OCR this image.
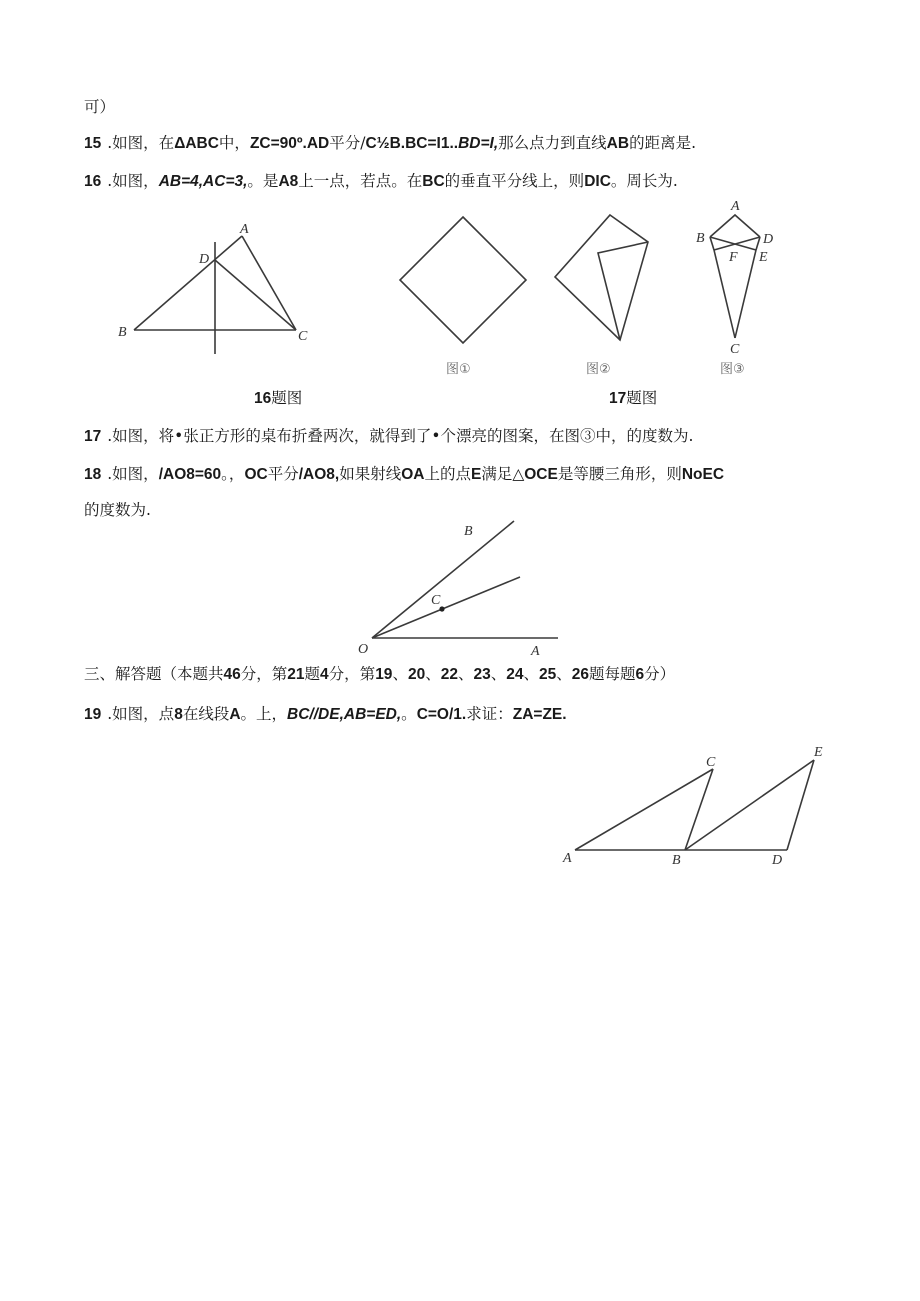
可）
15 .如图，在ΔABC中，ZC=90º.AD平分/C½B.BC=I1..BD=I,那么点力到直线AB的距离是.
16 .如图，AB=4,AC=3,。是A8上一点，若点。在BC的垂直平分线上，则DIC。周长为.
A
D
B	C
图①	图②
A
B	D
F E
C
图③
16题图	17题图
17 .如图，将•张正方形的桌布折叠两次，就得到了•个漂亮的图案，在图③中，的度数为.
18 .如图，/AO8=60。，OC平分/AO8,如果射线OA上的点E满足△OCE是等腰三角形，则NoEC
的度数为.
B
C
O	A
三、解答题（本题共46分，第21题4分，第19、20、22、23、24、25、26题每题6分）
19 .如图，点8在线段A。上，BC//DE,AB=ED,。C=O/1.求证：ZA=ZE.
C
E
A	B	D
